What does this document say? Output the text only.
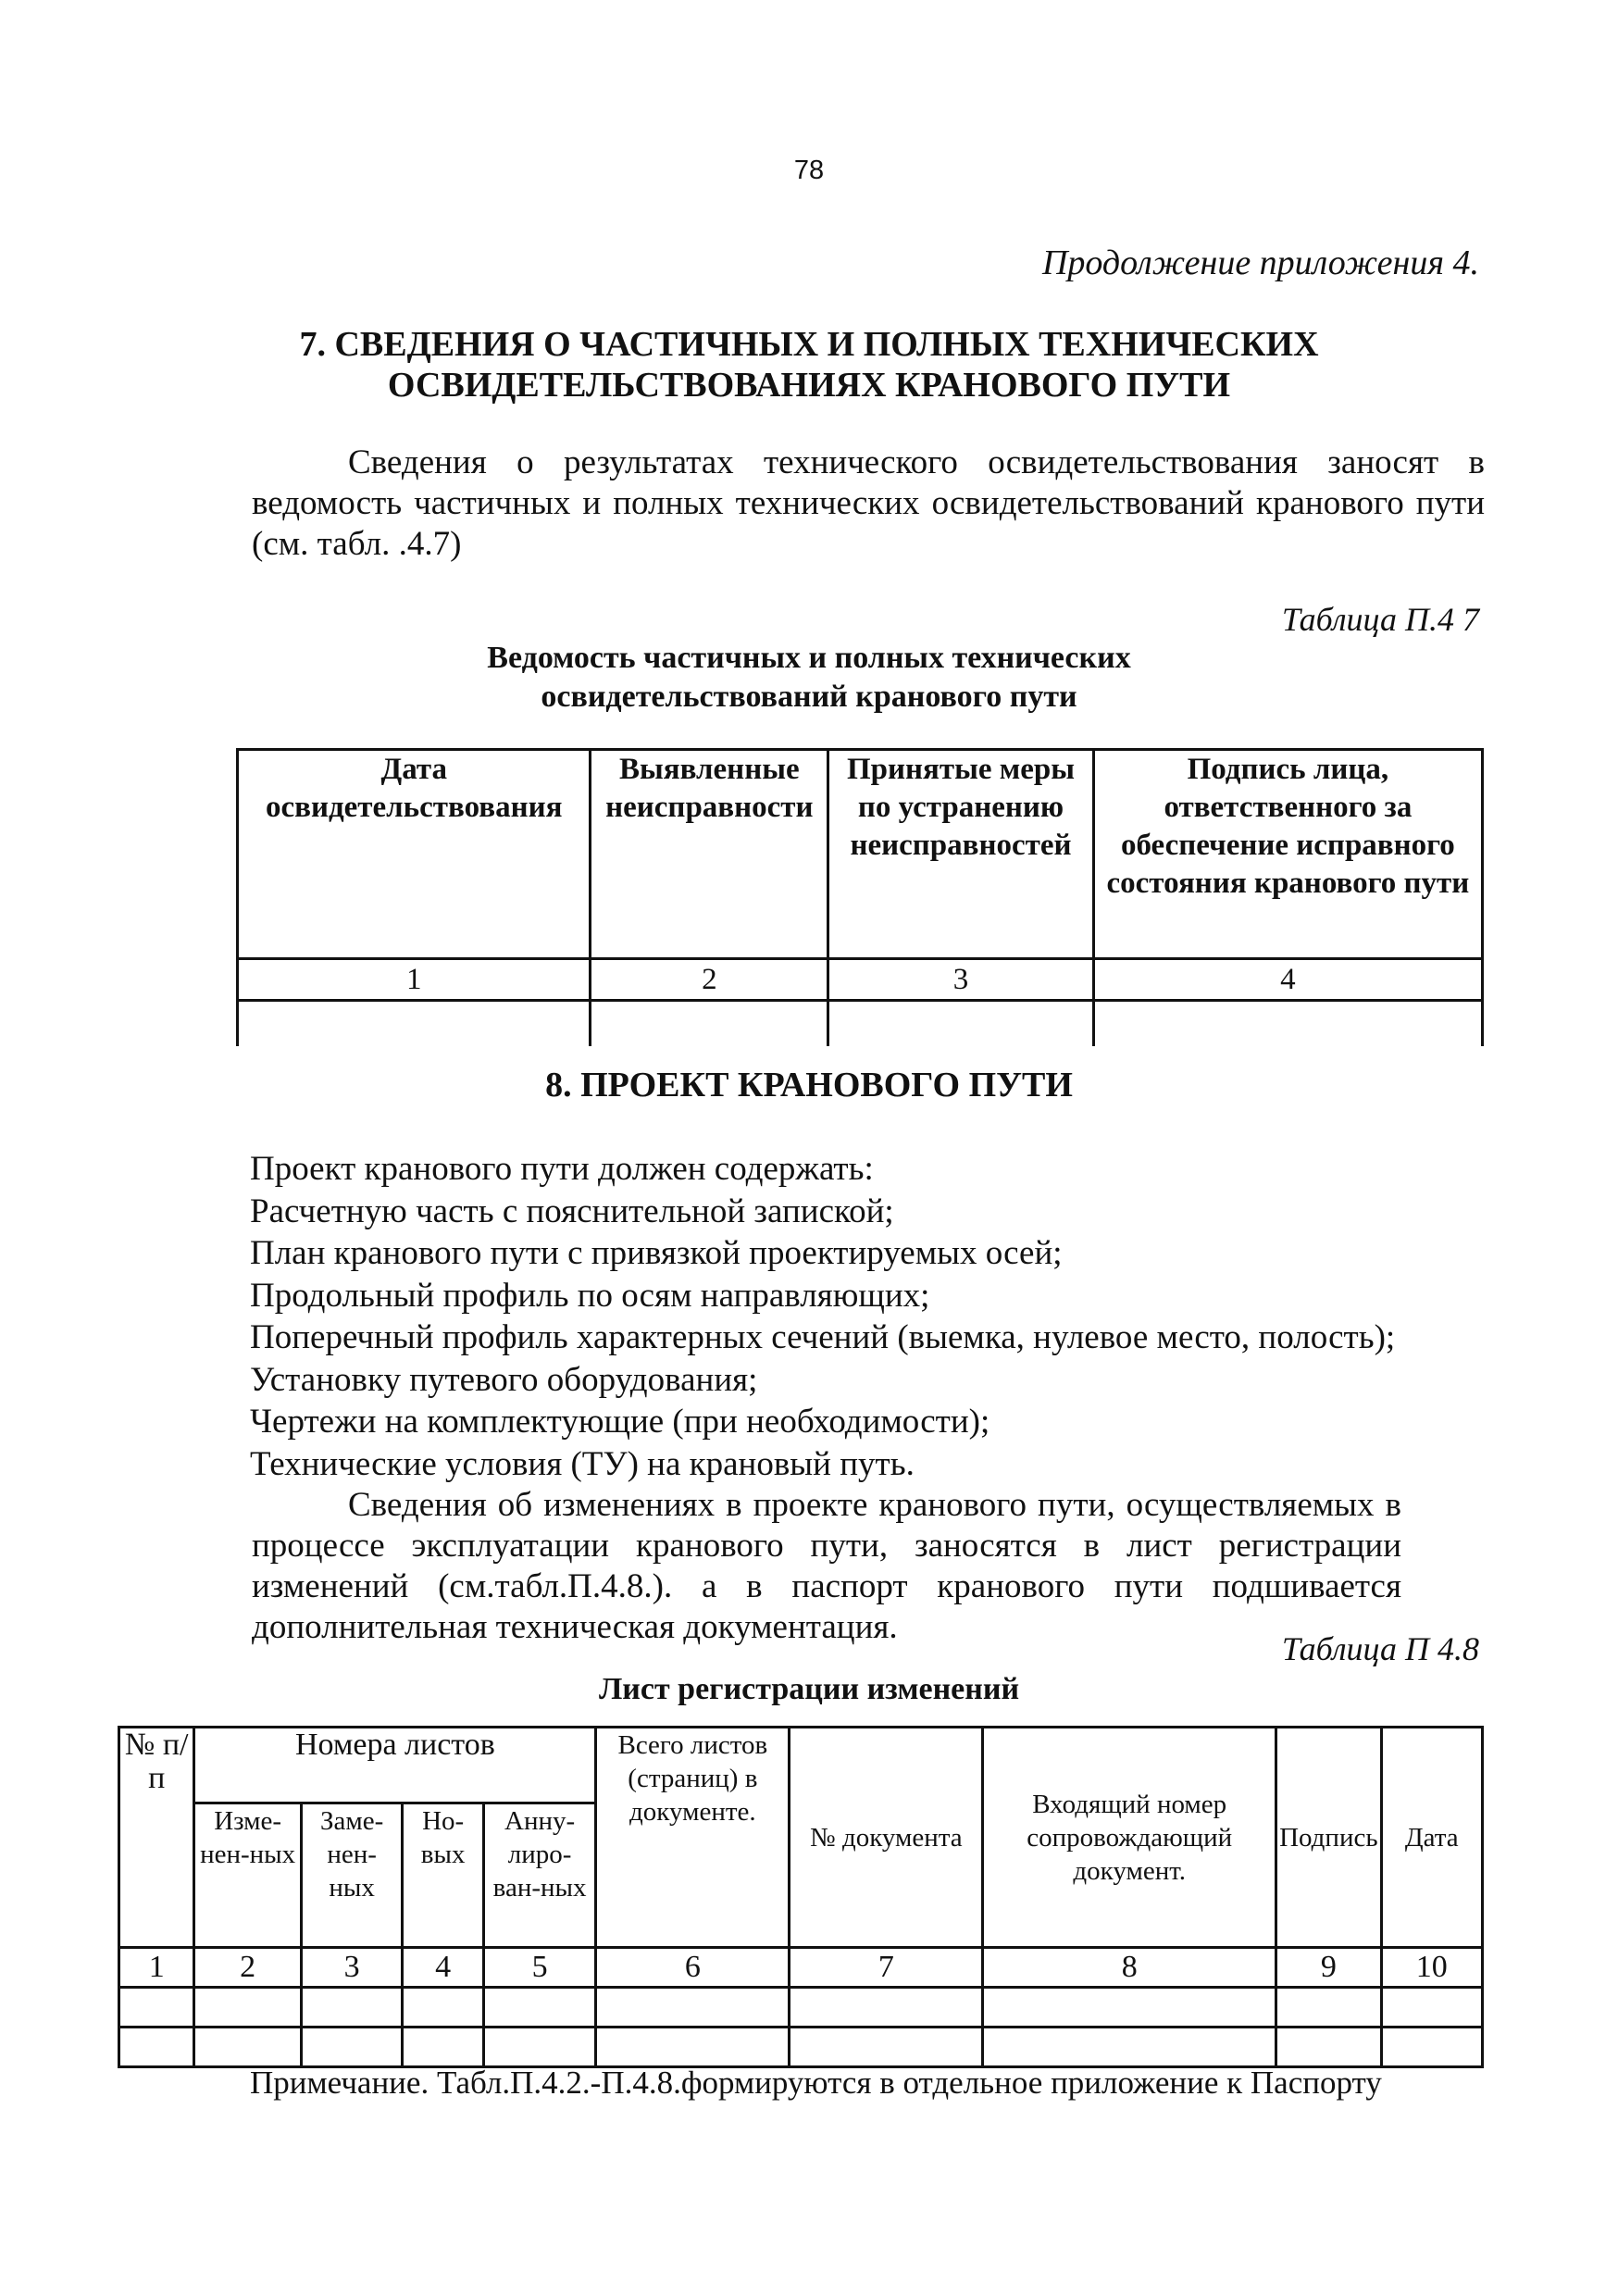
78
Продолжение приложения 4.
7. СВЕДЕНИЯ О ЧАСТИЧНЫХ И ПОЛНЫХ ТЕХНИЧЕСКИХ
ОСВИДЕТЕЛЬСТВОВАНИЯХ КРАНОВОГО ПУТИ
Сведения о результатах технического освидетельствования заносят в ведомость частичных и полных технических освидетельствований кранового пути (см. табл. .4.7)
Таблица П.4 7
Ведомость частичных и полных технических
освидетельствований кранового пути
Дата освидетельствования	Выявленные неисправности	Принятые меры по устранению неисправностей	Подпись лица, ответственного за обеспечение исправного состояния кранового пути
1	2	3	4

8. ПРОЕКТ КРАНОВОГО ПУТИ
Проект кранового пути должен содержать:
Расчетную часть с пояснительной запиской;
План кранового пути с привязкой проектируемых осей;
Продольный профиль по осям направляющих;
Поперечный профиль характерных сечений (выемка, нулевое место, полость);
Установку путевого оборудования;
Чертежи на комплектующие (при необходимости);
Технические условия (ТУ) на крановый путь.
Сведения об изменениях в проекте кранового пути, осуществляемых в процессе эксплуатации кранового пути, заносятся в лист регистрации изменений (см.табл.П.4.8.). а в паспорт кранового пути подшивается дополнительная техническая документация.
Таблица П 4.8
Лист регистрации изменений
№ п/п	Номера листов				Всего листов (страниц) в документе.	№ документа	Входящий номер сопровождающий документ.	Подпись	Дата
	Изме-нен-ных	Заме-нен-ных	Но-вых	Анну-лиро-ван-ных					
1	2	3	4	5	6	7	8	9	10

Примечание. Табл.П.4.2.-П.4.8.формируются в отдельное приложение к Паспорту
